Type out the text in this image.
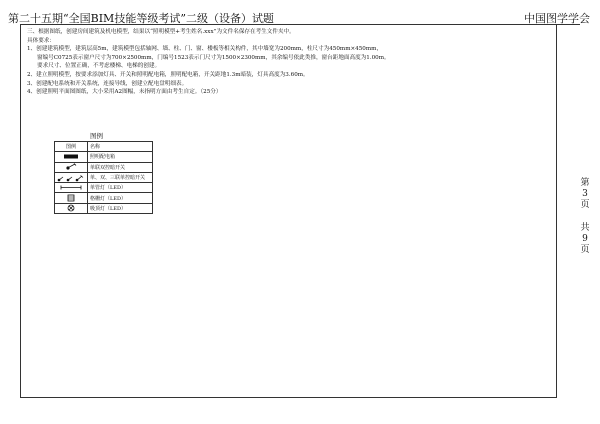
第二十五期“全国BIM技能等级考试”二级（设备）试题	中国图学学会
第
3
页
共
9
页

三、根据图纸，创建房间建筑及机电模型，结果以“照明模型+考生姓名.xxx”为文件名保存在考生文件夹中。

具体要求：

1、创建建筑模型，建筑层高5m，建筑模型包括轴网、墙、柱、门、窗、楼板等相关构件，其中墙宽为200mm，柱尺寸为450mm×450mm，

窗编号C0725表示窗户尺寸为700×2500mm，门编号1523表示门尺寸为1500×2300mm，其余编号依此类推，窗台距地面高度为1.00m。

要求尺寸、位置正确，不考虑楼梯、电梯的创建。

2、建立照明模型，按要求添加灯具、开关和照明配电箱，照明配电箱，开关距地1.3m暗装，灯具高度为3.60m。

3、创建配电系统和开关系统，连接导线，创建立配电盘明细表。

4、创建照明平面图图纸，大小采用A2图幅，未指明方面由考生自定。（25分）

图例
图例	名称

	照明配电箱

	单联双控暗开关

	单、双、三联单控暗开关

	单管灯（LED）

	格栅灯（LED）

	吸顶灯（LED）
